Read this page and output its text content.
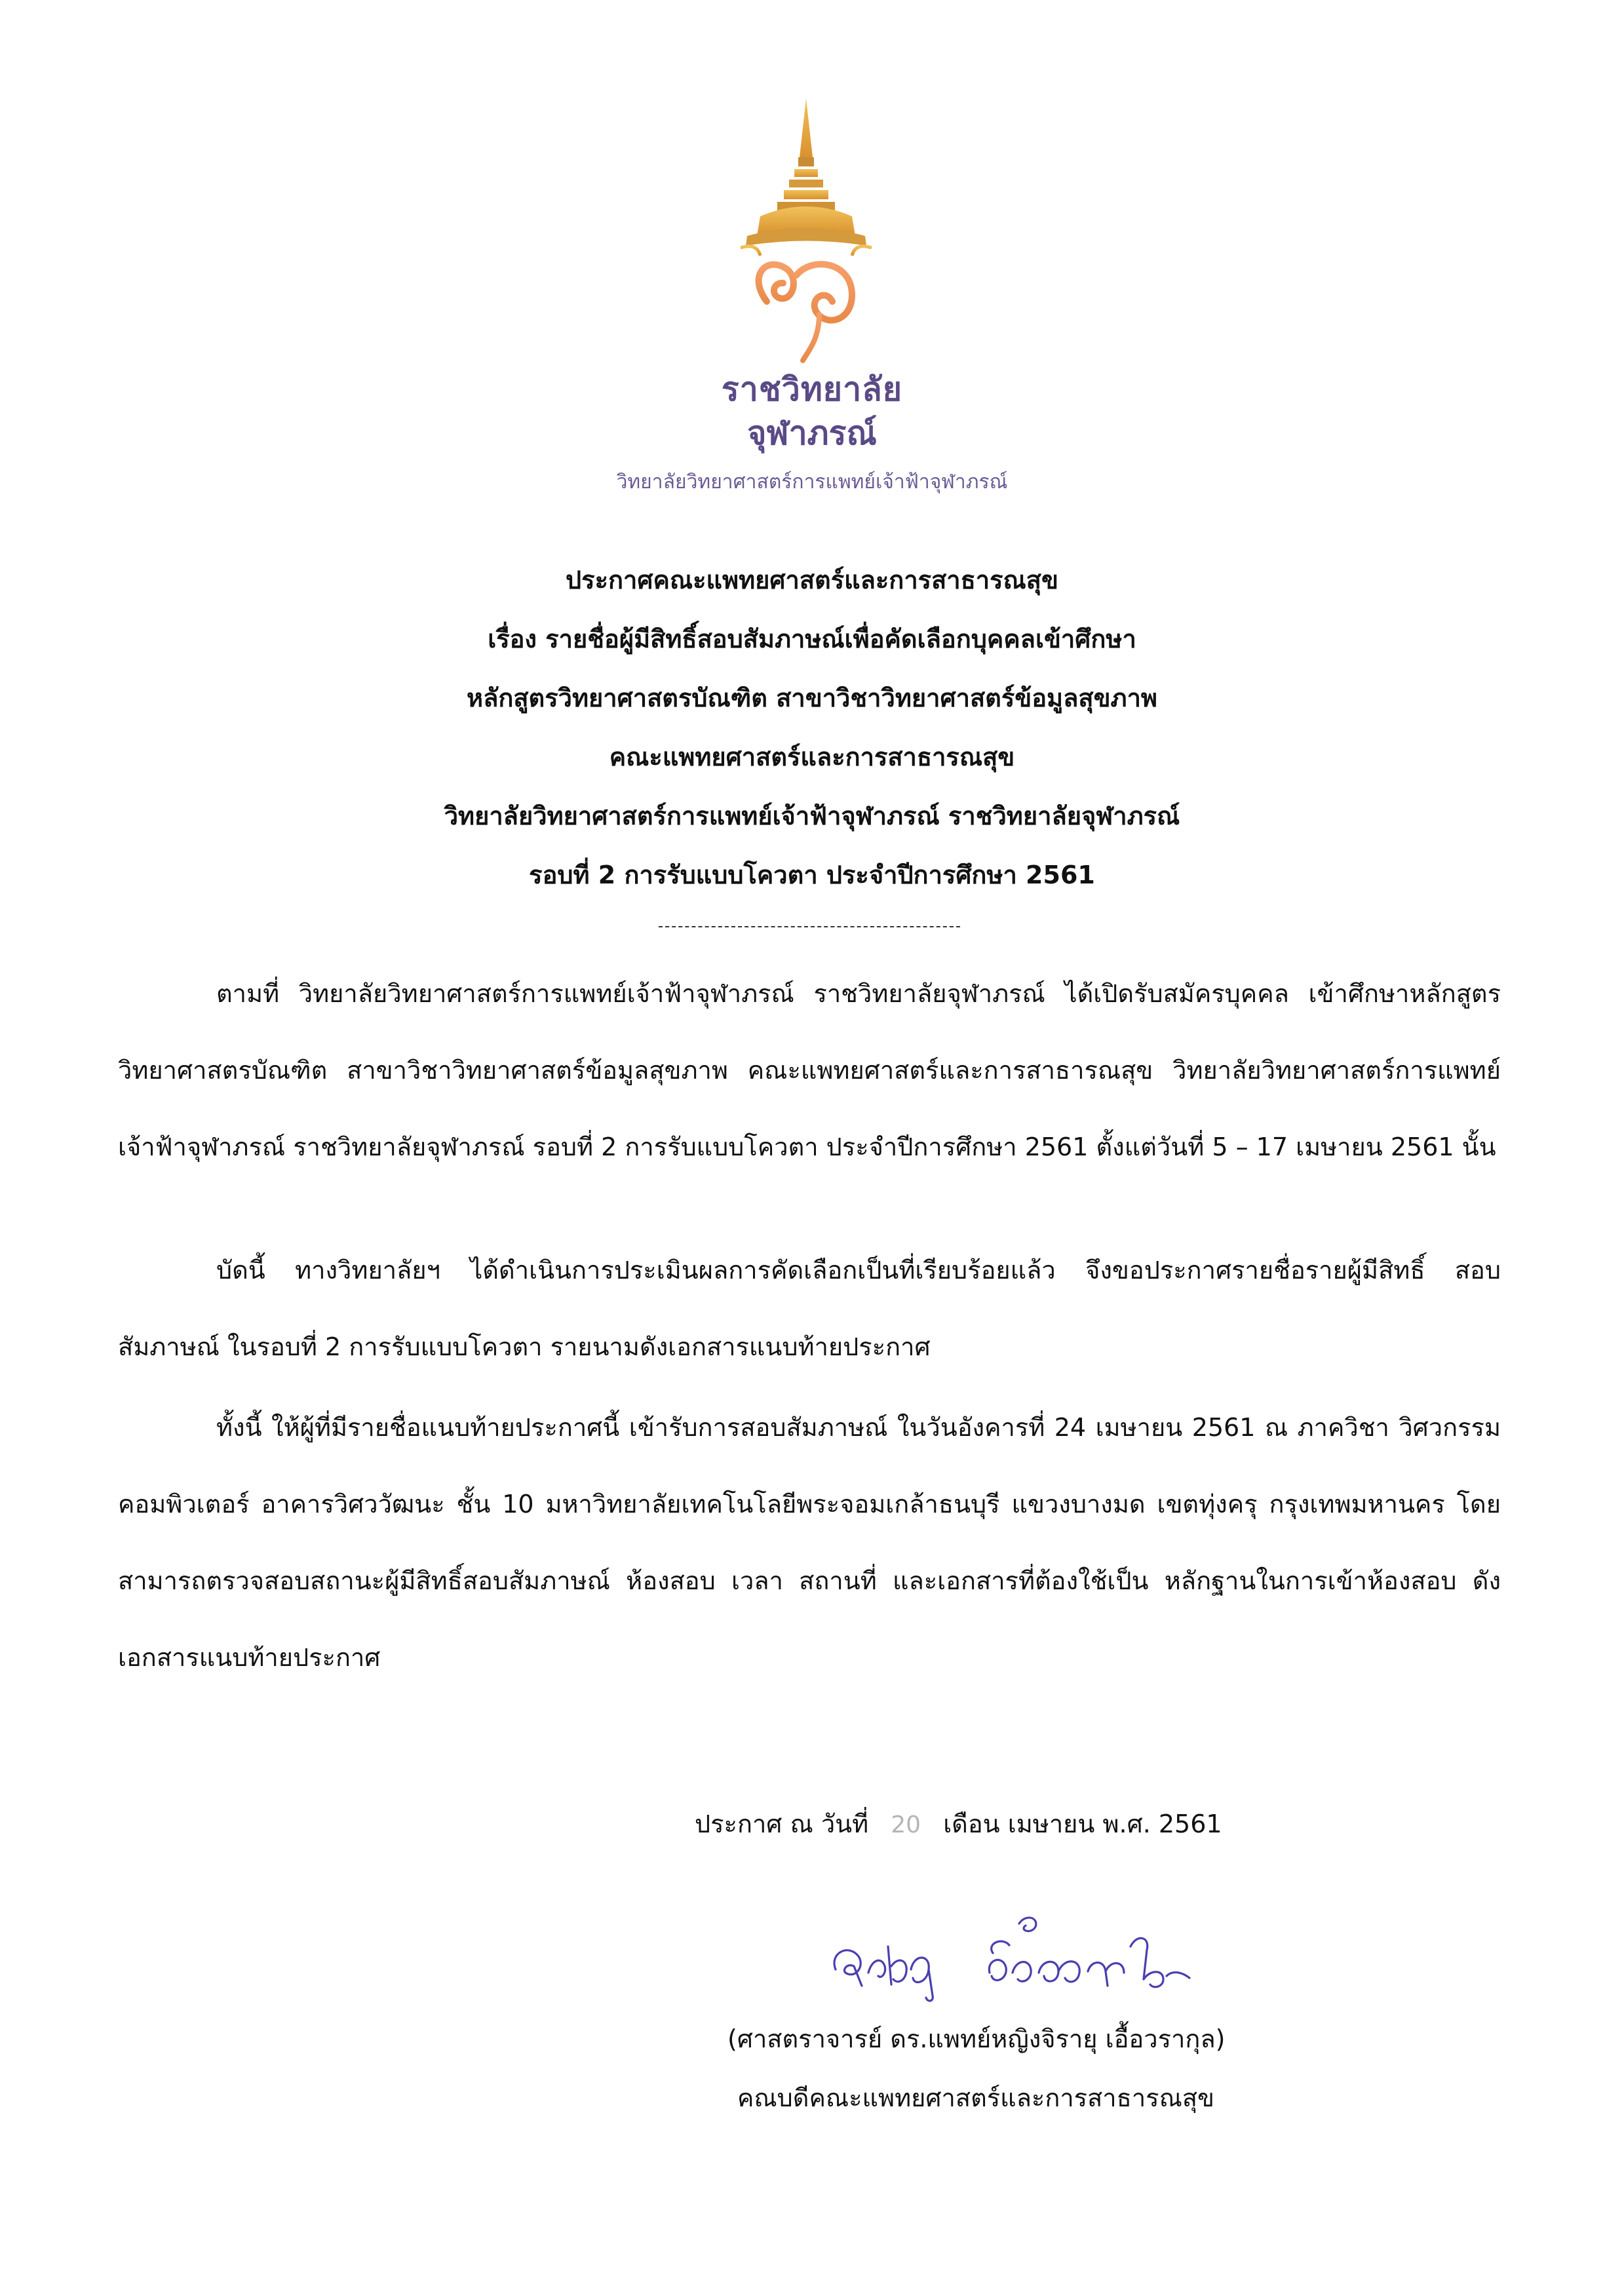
ราชวิทยาลัย
จุฬาภรณ์
วิทยาลัยวิทยาศาสตร์การแพทย์เจ้าฟ้าจุฬาภรณ์
ประกาศคณะแพทยศาสตร์และการสาธารณสุข
เรื่อง รายชื่อผู้มีสิทธิ์สอบสัมภาษณ์เพื่อคัดเลือกบุคคลเข้าศึกษา
หลักสูตรวิทยาศาสตรบัณฑิต สาขาวิชาวิทยาศาสตร์ข้อมูลสุขภาพ
คณะแพทยศาสตร์และการสาธารณสุข
วิทยาลัยวิทยาศาสตร์การแพทย์เจ้าฟ้าจุฬาภรณ์ ราชวิทยาลัยจุฬาภรณ์
รอบที่ 2 การรับแบบโควตา ประจำปีการศึกษา 2561
ตามที่ วิทยาลัยวิทยาศาสตร์การแพทย์เจ้าฟ้าจุฬาภรณ์ ราชวิทยาลัยจุฬาภรณ์ ได้เปิดรับสมัครบุคคล เข้าศึกษาหลักสูตรวิทยาศาสตรบัณฑิต สาขาวิชาวิทยาศาสตร์ข้อมูลสุขภาพ คณะแพทยศาสตร์และการสาธารณสุข วิทยาลัยวิทยาศาสตร์การแพทย์เจ้าฟ้าจุฬาภรณ์ ราชวิทยาลัยจุฬาภรณ์ รอบที่ 2 การรับแบบโควตา ประจำปีการศึกษา 2561 ตั้งแต่วันที่ 5 – 17 เมษายน 2561 นั้น
บัดนี้ ทางวิทยาลัยฯ ได้ดำเนินการประเมินผลการคัดเลือกเป็นที่เรียบร้อยแล้ว จึงขอประกาศรายชื่อรายผู้มีสิทธิ์ สอบสัมภาษณ์ ในรอบที่ 2 การรับแบบโควตา รายนามดังเอกสารแนบท้ายประกาศ
ทั้งนี้ ให้ผู้ที่มีรายชื่อแนบท้ายประกาศนี้ เข้ารับการสอบสัมภาษณ์ ในวันอังคารที่ 24 เมษายน 2561 ณ ภาควิชา วิศวกรรมคอมพิวเตอร์ อาคารวิศววัฒนะ ชั้น 10 มหาวิทยาลัยเทคโนโลยีพระจอมเกล้าธนบุรี แขวงบางมด เขตทุ่งครุ กรุงเทพมหานคร โดยสามารถตรวจสอบสถานะผู้มีสิทธิ์สอบสัมภาษณ์ ห้องสอบ เวลา สถานที่ และเอกสารที่ต้องใช้เป็น หลักฐานในการเข้าห้องสอบ ดังเอกสารแนบท้ายประกาศ
ประกาศ ณ วันที่ 20 เดือน เมษายน พ.ศ. 2561
(ศาสตราจารย์ ดร.แพทย์หญิงจิรายุ เอื้อวรากุล)
คณบดีคณะแพทยศาสตร์และการสาธารณสุข
